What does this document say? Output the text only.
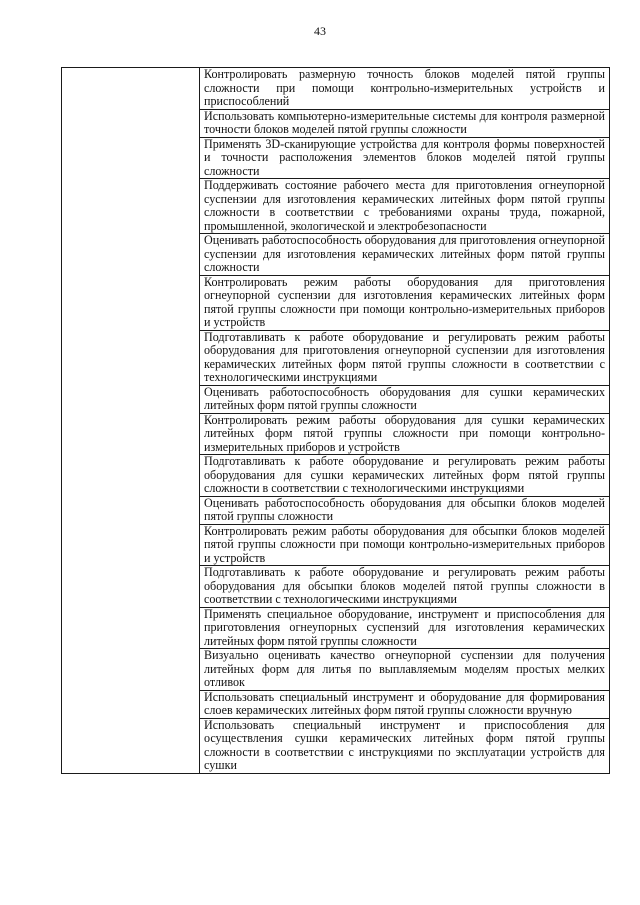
43

Контролировать размерную точность блоков моделей пятой группы сложности при помощи контрольно-измерительных устройств и приспособлений

Использовать компьютерно-измерительные системы для контроля размерной точности блоков моделей пятой группы сложности

Применять 3D-сканирующие устройства для контроля формы поверхностей и точности расположения элементов блоков моделей пятой группы сложности

Поддерживать состояние рабочего места для приготовления огнеупорной суспензии для изготовления керамических литейных форм пятой группы сложности в соответствии с требованиями охраны труда, пожарной, промышленной, экологической и электробезопасности

Оценивать работоспособность оборудования для приготовления огнеупорной суспензии для изготовления керамических литейных форм пятой группы сложности

Контролировать режим работы оборудования для приготовления огнеупорной суспензии для изготовления керамических литейных форм пятой группы сложности при помощи контрольно-измерительных приборов и устройств

Подготавливать к работе оборудование и регулировать режим работы оборудования для приготовления огнеупорной суспензии для изготовления керамических литейных форм пятой группы сложности в соответствии с технологическими инструкциями

Оценивать работоспособность оборудования для сушки керамических литейных форм пятой группы сложности

Контролировать режим работы оборудования для сушки керамических литейных форм пятой группы сложности при помощи контрольно-измерительных приборов и устройств

Подготавливать к работе оборудование и регулировать режим работы оборудования для сушки керамических литейных форм пятой группы сложности в соответствии с технологическими инструкциями

Оценивать работоспособность оборудования для обсыпки блоков моделей пятой группы сложности

Контролировать режим работы оборудования для обсыпки блоков моделей пятой группы сложности при помощи контрольно-измерительных приборов и устройств

Подготавливать к работе оборудование и регулировать режим работы оборудования для обсыпки блоков моделей пятой группы сложности в соответствии с технологическими инструкциями

Применять специальное оборудование, инструмент и приспособления для приготовления огнеупорных суспензий для изготовления керамических литейных форм пятой группы сложности

Визуально оценивать качество огнеупорной суспензии для получения литейных форм для литья по выплавляемым моделям простых мелких отливок

Использовать специальный инструмент и оборудование для формирования слоев керамических литейных форм пятой группы сложности вручную

Использовать специальный инструмент и приспособления для осуществления сушки керамических литейных форм пятой группы сложности в соответствии с инструкциями по эксплуатации устройств для сушки
